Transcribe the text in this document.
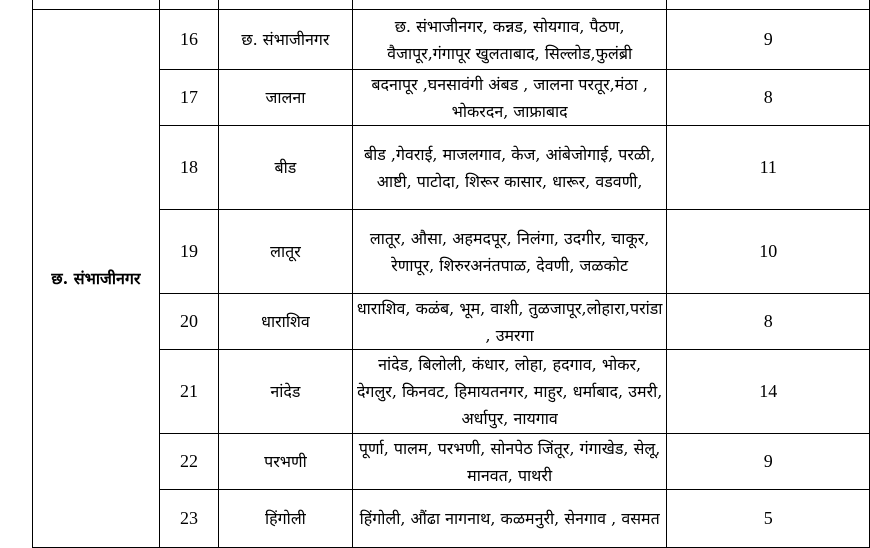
छ. संभाजीनगर	16	छ. संभाजीनगर	छ. संभाजीनगर, कन्नड, सोयगाव, पैठण, वैजापूर,गंगापूर खुलताबाद, सिल्लोड,फुलंब्री	9
	17	जालना	बदनापूर ,घनसावंगी अंबड , जालना परतूर,मंठा , भोकरदन, जाफ्राबाद	8
	18	बीड	बीड ,गेवराई, माजलगाव, केज, आंबेजोगाई, परळी, आष्टी, पाटोदा, शिरूर कासार, धारूर, वडवणी,	11
	19	लातूर	लातूर, औसा, अहमदपूर, निलंगा, उदगीर, चाकूर, रेणापूर, शिरुरअनंतपाळ, देवणी, जळकोट	10
	20	धाराशिव	धाराशिव, कळंब, भूम, वाशी, तुळजापूर,लोहारा,परांडा , उमरगा	8
	21	नांदेड	नांदेड, बिलोली, कंधार, लोहा, हदगाव, भोकर, देगलुर, किनवट, हिमायतनगर, माहुर, धर्माबाद, उमरी, अर्धापुर, नायगाव	14
	22	परभणी	पूर्णा, पालम, परभणी, सोनपेठ जिंतूर, गंगाखेड, सेलू, मानवत, पाथरी	9
	23	हिंगोली	हिंगोली, औंढा नागनाथ, कळमनुरी, सेनगाव , वसमत	5
